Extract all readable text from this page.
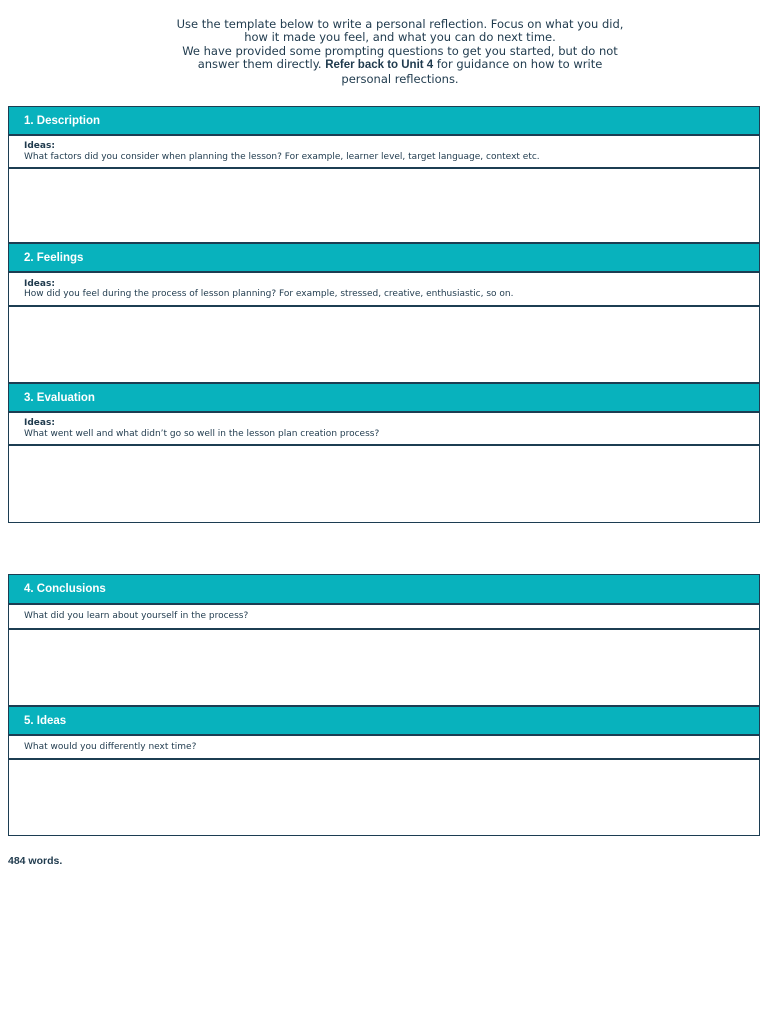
Use the template below to write a personal reflection. Focus on what you did,
how it made you feel, and what you can do next time.
We have provided some prompting questions to get you started, but do not
answer them directly. Refer back to Unit 4 for guidance on how to write
personal reflections.
1. Description
Ideas:
What factors did you consider when planning the lesson? For example, learner level, target language, context etc.
2. Feelings
Ideas:
How did you feel during the process of lesson planning? For example, stressed, creative, enthusiastic, so on.
3. Evaluation
Ideas:
What went well and what didn’t go so well in the lesson plan creation process?
4. Conclusions
What did you learn about yourself in the process?
5. Ideas
What would you differently next time?
484 words.
